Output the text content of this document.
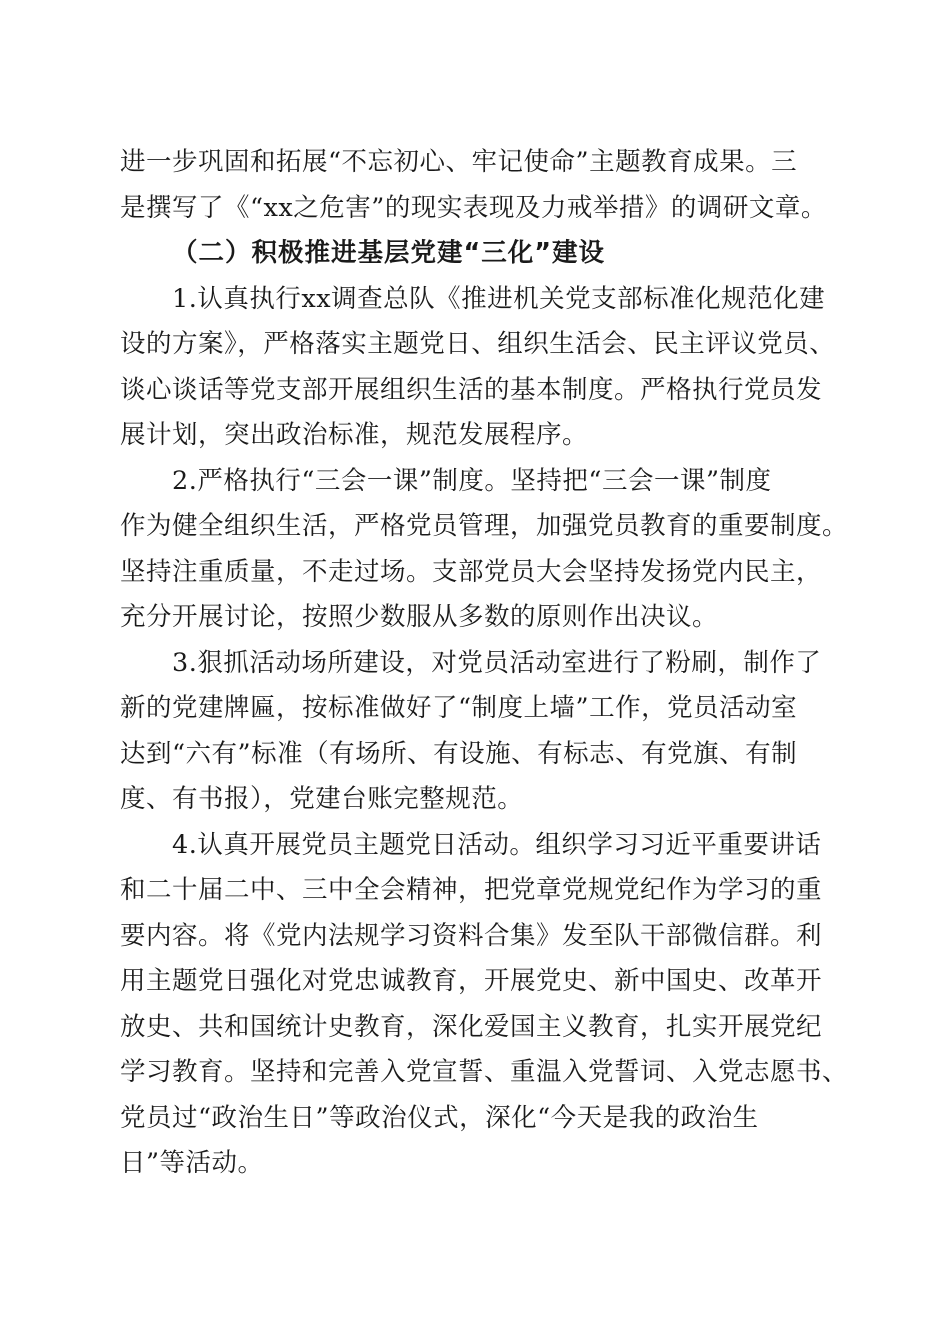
进一步巩固和拓展“不忘初心、牢记使命”主题教育成果。三
是撰写了《“xx之危害”的现实表现及力戒举措》的调研文章。
（二）积极推进基层党建“三化”建设
1.认真执行xx调查总队《推进机关党支部标准化规范化建
设的方案》，严格落实主题党日、组织生活会、民主评议党员、
谈心谈话等党支部开展组织生活的基本制度。严格执行党员发
展计划，突出政治标准，规范发展程序。
2.严格执行“三会一课”制度。坚持把“三会一课”制度
作为健全组织生活，严格党员管理，加强党员教育的重要制度。
坚持注重质量，不走过场。支部党员大会坚持发扬党内民主，
充分开展讨论，按照少数服从多数的原则作出决议。
3.狠抓活动场所建设，对党员活动室进行了粉刷，制作了
新的党建牌匾，按标准做好了“制度上墙”工作，党员活动室
达到“六有”标准（有场所、有设施、有标志、有党旗、有制
度、有书报），党建台账完整规范。
4.认真开展党员主题党日活动。组织学习习近平重要讲话
和二十届二中、三中全会精神，把党章党规党纪作为学习的重
要内容。将《党内法规学习资料合集》发至队干部微信群。利
用主题党日强化对党忠诚教育，开展党史、新中国史、改革开
放史、共和国统计史教育，深化爱国主义教育，扎实开展党纪
学习教育。坚持和完善入党宣誓、重温入党誓词、入党志愿书、
党员过“政治生日”等政治仪式，深化“今天是我的政治生
日”等活动。
